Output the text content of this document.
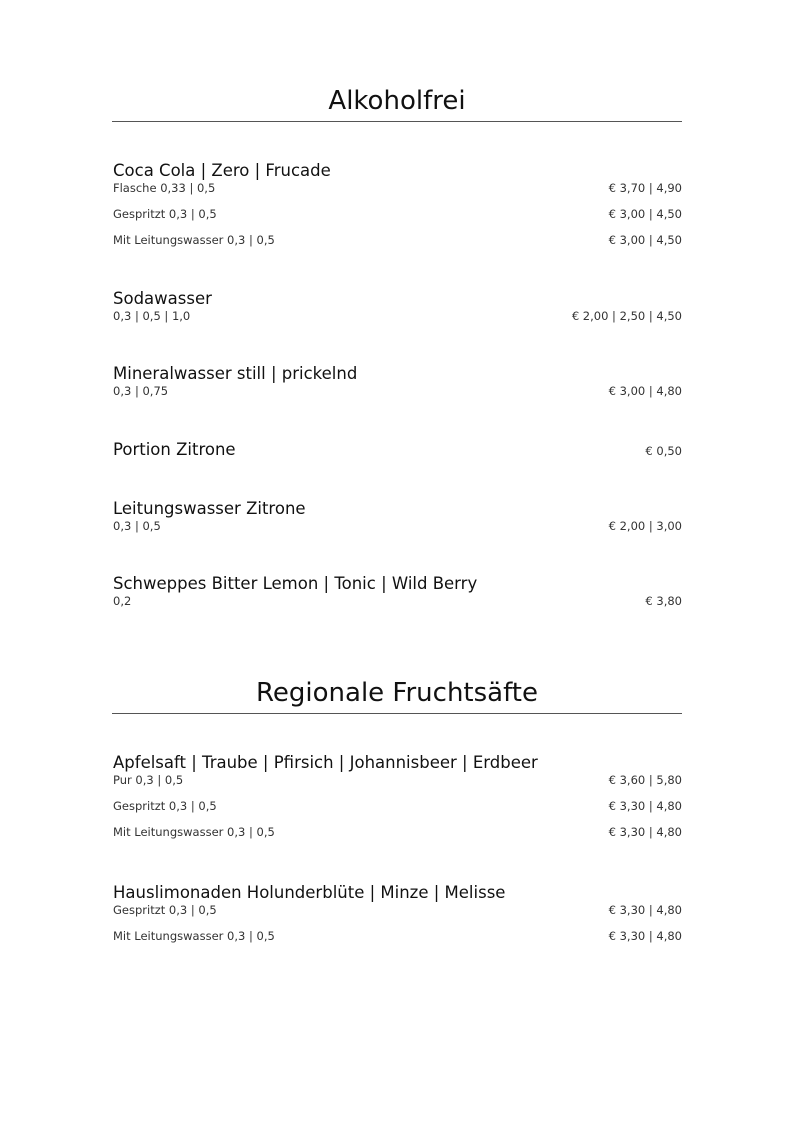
Alkoholfrei
Coca Cola | Zero | Frucade
Flasche 0,33 | 0,5	€ 3,70 | 4,90
Gespritzt 0,3 | 0,5	€ 3,00 | 4,50
Mit Leitungswasser 0,3 | 0,5	€ 3,00 | 4,50
Sodawasser
0,3 | 0,5 | 1,0	€ 2,00 | 2,50 | 4,50
Mineralwasser still | prickelnd
0,3 | 0,75	€ 3,00 | 4,80
Portion Zitrone	€ 0,50
Leitungswasser Zitrone
0,3 | 0,5	€ 2,00 | 3,00
Schweppes Bitter Lemon | Tonic | Wild Berry
0,2	€ 3,80
Regionale Fruchtsäfte
Apfelsaft | Traube | Pfirsich | Johannisbeer | Erdbeer
Pur 0,3 | 0,5	€ 3,60 | 5,80
Gespritzt 0,3 | 0,5	€ 3,30 | 4,80
Mit Leitungswasser 0,3 | 0,5	€ 3,30 | 4,80
Hauslimonaden Holunderblüte | Minze | Melisse
Gespritzt 0,3 | 0,5	€ 3,30 | 4,80
Mit Leitungswasser 0,3 | 0,5	€ 3,30 | 4,80
